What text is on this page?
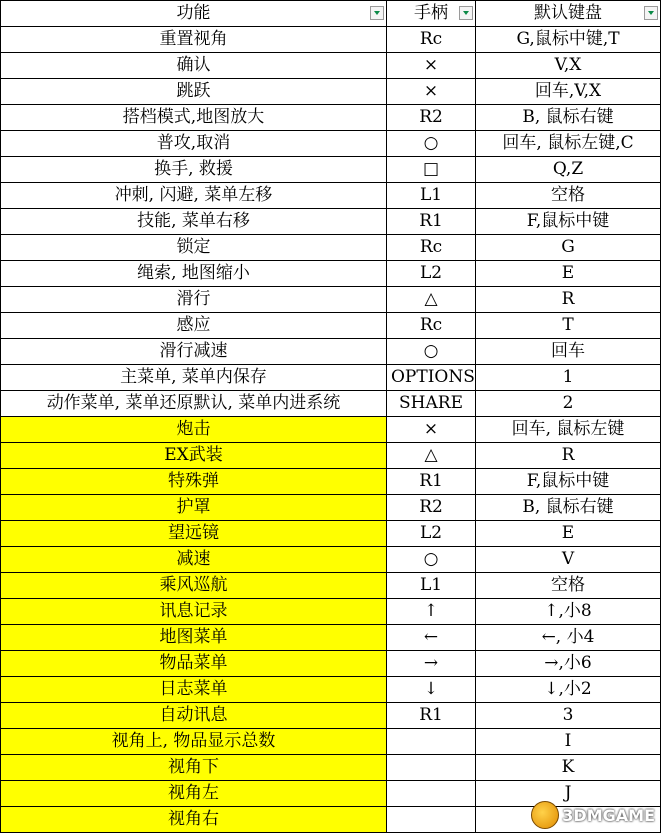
功能	手柄	默认键盘

重置视角	Rc	G,鼠标中键,T
确认	×	V,X
跳跃	×	回车,V,X
搭档模式,地图放大	R2	B, 鼠标右键
普攻,取消	○	回车, 鼠标左键,C
换手, 救援	□	Q,Z
冲刺, 闪避, 菜单左移	L1	空格
技能, 菜单右移	R1	F,鼠标中键
锁定	Rc	G
绳索, 地图缩小	L2	E
滑行	△	R
感应	Rc	T
滑行减速	○	回车
主菜单, 菜单内保存	OPTIONS	1
动作菜单, 菜单还原默认, 菜单内进系统	SHARE	2
炮击	×	回车, 鼠标左键
EX武装	△	R
特殊弹	R1	F,鼠标中键
护罩	R2	B, 鼠标右键
望远镜	L2	E
减速	○	V
乘风巡航	L1	空格
讯息记录	↑	↑,小8
地图菜单	←	←, 小4
物品菜单	→	→,小6
日志菜单	↓	↓,小2
自动讯息	R1	3
视角上, 物品显示总数		I
视角下		K
视角左		J
视角右			3DMGAME
